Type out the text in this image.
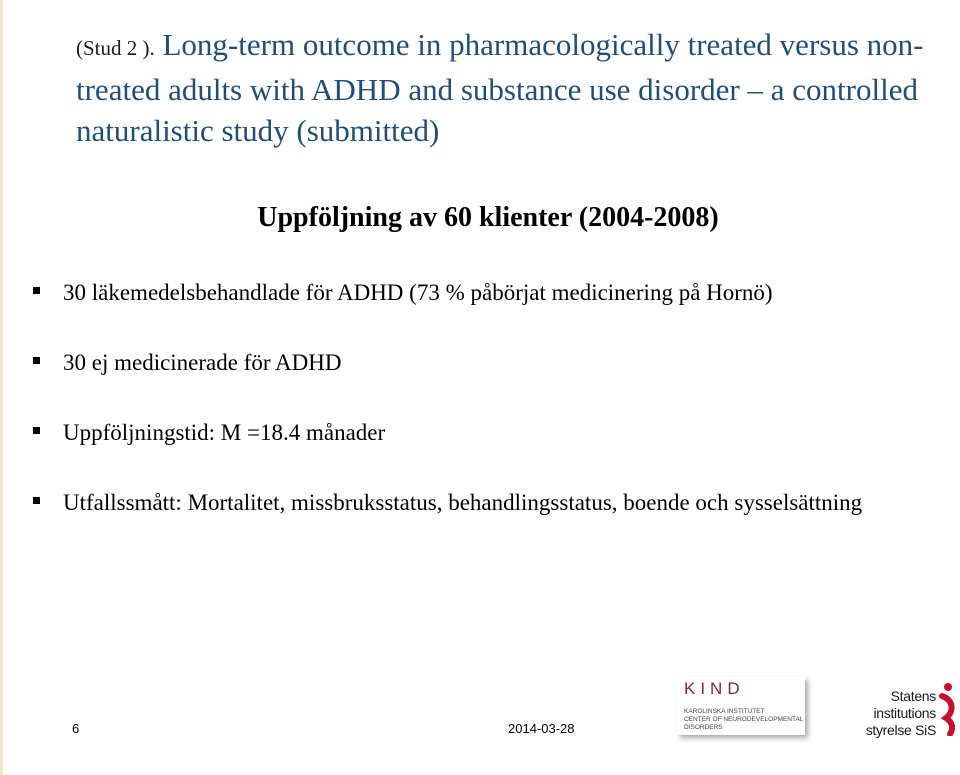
(Stud 2 ). Long-term outcome in pharmacologically treated versus non-treated adults with ADHD and substance use disorder – a controlled naturalistic study (submitted)
Uppföljning av 60 klienter (2004-2008)
30 läkemedelsbehandlade för ADHD (73 % påbörjat medicinering på Hornö)
30 ej medicinerade för ADHD
Uppföljningstid: M =18.4 månader
Utfallssmått: Mortalitet, missbruksstatus, behandlingsstatus, boende och sysselsättning
6	2014-03-28
KIND
KAROLINSKA INSTITUTET
CENTER OF NEURODEVELOPMENTAL
DISORDERS
Statens
institutions
styrelse SiS
